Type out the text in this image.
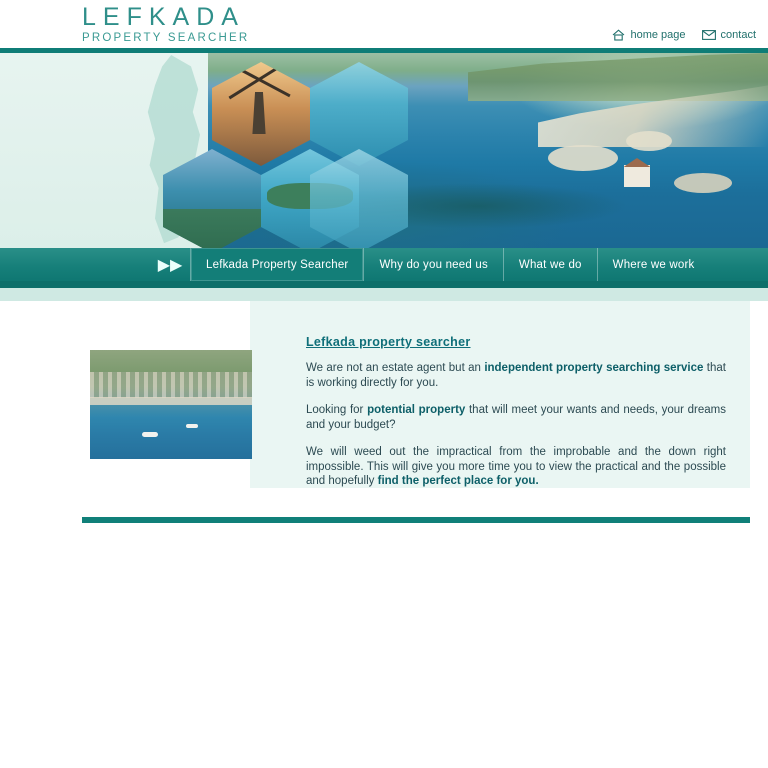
LEFKADA
PROPERTY SEARCHER	home page	contact
▶▶	Lefkada Property Searcher	Why do you need us	What we do	Where we work
Lefkada property searcher

We are not an estate agent but an independent property searching service that is working directly for you.

Looking for potential property that will meet your wants and needs, your dreams and your budget?

We will weed out the impractical from the improbable and the down right impossible. This will give you more time you to view the practical and the possible and hopefully find the perfect place for you.
